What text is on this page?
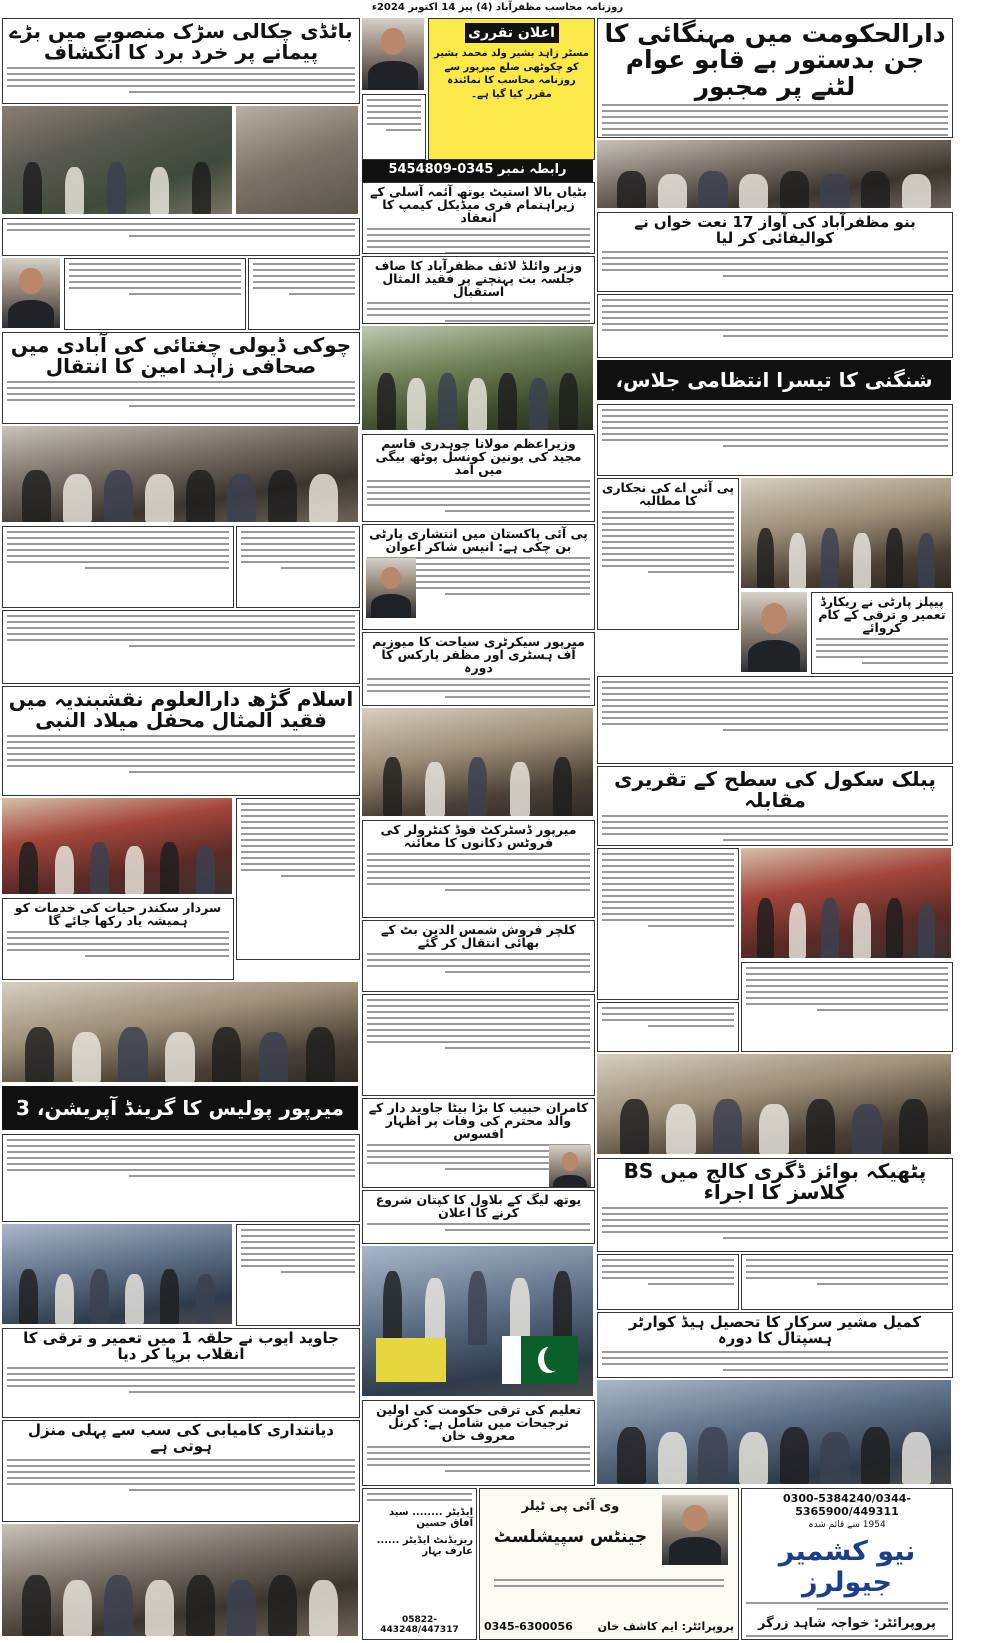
روزنامہ محاسب مظفرآباد (4) پیر 14 اکتوبر 2024ء
دارالحکومت میں مہنگائی کا جن بدستور بے قابو عوام لٹنے پر مجبور
بنو مظفرآباد کی آواز 17 نعت خواں نے کوالیفائی کر لیا
شنگنی کا تیسرا انتظامی جلاس،
پی آئی اے کی نجکاری کا مطالبہ
پیپلز پارٹی نے ریکارڈ تعمیر و ترقی کے کام کروائے
پبلک سکول کی سطح کے تقریری مقابلہ
پٹھیکہ بوائز ڈگری کالج میں BS کلاسز کا اجراء
کمیل مشیر سرکار کا تحصیل ہیڈ کوارٹر ہسپتال کا دورہ
0300-5384240/0344-5365900/449311
1954 سے قائم شدہ
نیو کشمیر جیولرز
پروپرائٹر: خواجہ شاہد زرگر
وی آئی پی ٹیلر
جینٹس سپیشلسٹ
پروپرائٹر: ایم کاشف خان
0345-6300056
اعلان تقرری
مسٹر زاہد بشیر ولد محمد بشیر کو چکوٹھی ضلع میرپور سے روزنامہ محاسب کا نمائندہ مقرر کیا گیا ہے۔
رابطہ نمبر 0345-5454809
بٹیاں بالا استیٹ یوتھ آئمہ آسلی کے زیراہتمام فری میڈیکل کیمپ کا انعقاد
وزیر وائلڈ لائف مظفرآباد کا صاف جلسہ بت پہنچنے پر فقید المثال استقبال
وزیراعظم مولانا چوہدری قاسم مجید کی یونین کونسل پوٹھ بیگی میں آمد
پی آئی پاکستان میں انتشاری پارٹی بن چکی ہے: انیس شاکر اعوان
میرپور سیکرٹری سیاحت کا میوزیم آف ہسٹری اور مظفر پارکس کا دورہ
میرپور ڈسٹرکٹ فوڈ کنٹرولر کی فروٹس دکانوں کا معائنہ
کلچر فروش شمس الدین بٹ کے بھائی انتقال کر گئے
کامران حبیب کا بڑا بیٹا جاوید دار کے والد محترم کی وفات پر اظہار افسوس
یوتھ لیگ کے بلاول کا کپتان شروع کرنے کا اعلان
تعلیم کی ترقی حکومت کی اولین ترجیحات میں شامل ہے: کرنل معروف خان
ایڈیٹر ........ سید آفاق حسین
ریزیڈنٹ ایڈیٹر ...... عارف بہار
05822-443248/447317
باٹڈی چکالی سڑک منصوبے میں بڑے پیمانے پر خرد برد کا انکشاف
چوکی ڈیولی چغتائی کی آبادی میں صحافی زاہد امین کا انتقال
اسلام گڑھ دارالعلوم نقشبندیہ میں فقید المثال محفل میلاد النبی
سردار سکندر حیات کی خدمات کو ہمیشہ یاد رکھا جائے گا
میرپور پولیس کا گرینڈ آپریشن، 3
جاوید ایوب نے حلقہ 1 میں تعمیر و ترقی کا انقلاب برپا کر دیا
دیانتداری کامیابی کی سب سے پہلی منزل ہوتی ہے
